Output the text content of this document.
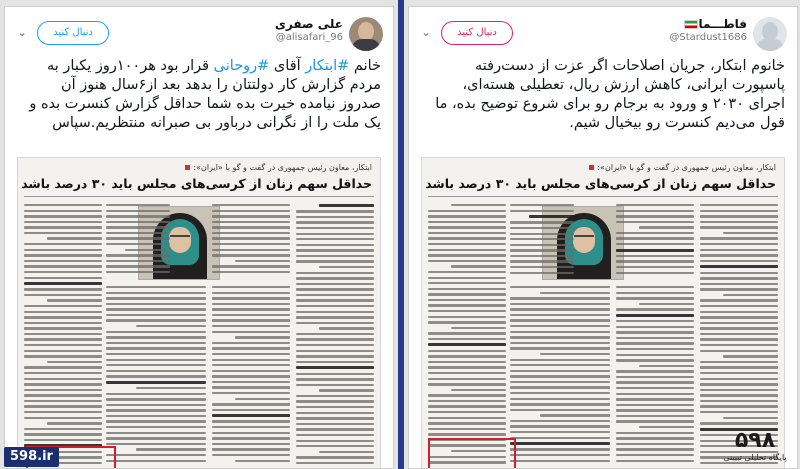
⌄	دنبال کنید
علی صفری
@alisafari_96
خانم #ابتکار آقای #روحانی قرار بود هر۱۰۰روز یکبار به مردم گزارش کار دولتتان را بدهد بعد از۶سال هنوز آن صدروز نیامده خیرت بده شما حداقل گزارش کنسرت بده و یک ملت را از نگرانی درباور بی صبرانه منتظریم.سپاس
ابتکار، معاون رئیس جمهوری در گفت و گو با «ایران»:
حداقل سهم زنان از کرسی‌های مجلس باید ۳۰ درصد باشد
⌄	دنبال کنید
فاطـــما
@Stardust1686
خانوم ابتکار، جریان اصلاحات اگر عزت از دست‌رفته پاسپورت ایرانی، کاهش ارزش ریال، تعطیلی هسته‌ای، اجرای ۲۰۳۰ و ورود به برجام رو برای شروع توضیح بده، ما قول می‌دیم کنسرت رو بیخیال شیم.
ابتکار، معاون رئیس جمهوری در گفت و گو با «ایران»:
حداقل سهم زنان از کرسی‌های مجلس باید ۳۰ درصد باشد
598.ir
۵۹۸
پایگاه تحلیلی تبیینی
